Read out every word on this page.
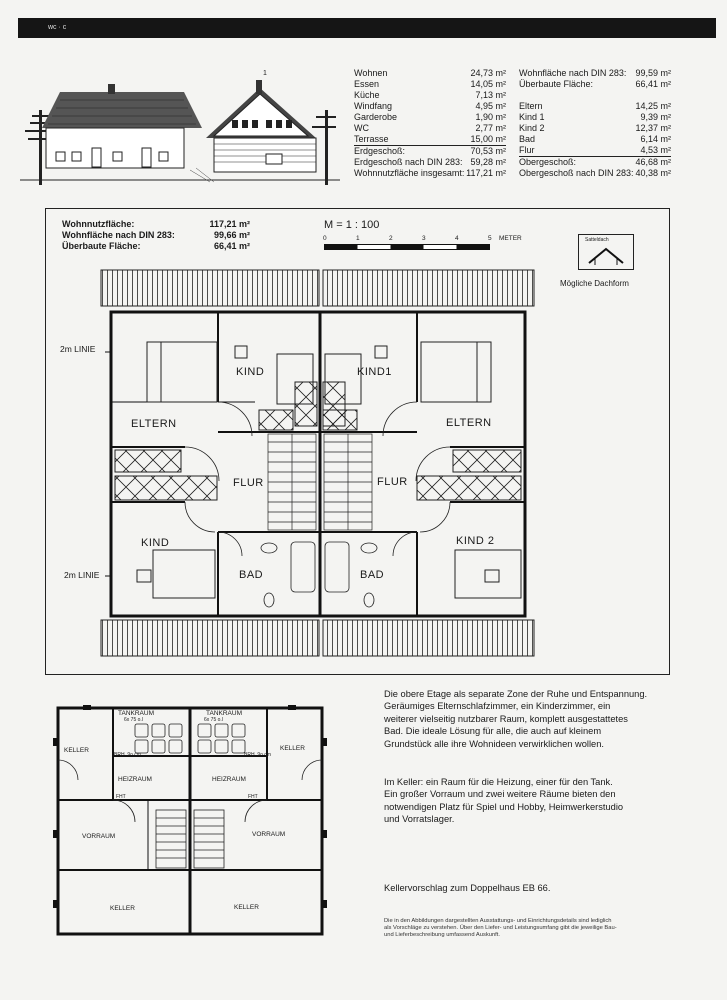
ᴡᴄ · ᴄ
1	Wohnen	24,73 m²
Essen	14,05 m²
Küche	7,13 m²
Windfang	4,95 m²
Garderobe	1,90 m²
WC	2,77 m²
Terrasse	15,00 m²
Erdgeschoß:	70,53 m²
Erdgeschoß nach DIN 283:	59,28 m²
Wohnnutzfläche insgesamt:	117,21 m²
Wohnfläche nach DIN 283:	99,59 m²
Überbaute Fläche:	66,41 m²

Eltern	14,25 m²
Kind 1	9,39 m²
Kind 2	12,37 m²
Bad	6,14 m²
Flur	4,53 m²
Obergeschoß:	46,68 m²
Obergeschoß nach DIN 283:	40,38 m²
Wohnnutzfläche:	117,21 m²
Wohnfläche nach DIN 283:	99,66 m²
Überbaute Fläche:	66,41 m²
M = 1 : 100
0	1	2	3	4	5 METER	Satteldach
Mögliche Dachform
2m LINIE
2m LINIE
KIND	KIND1
ELTERN	ELTERN
FLUR	FLUR
KIND	KIND 2
BAD	BAD
TANKRAUM	TANKRAUM
6x 75 o.l	6x 75 o.l
KELLER	KELLER
BRH. 9o cm	BRH. 9o cm
HEIZRAUM	HEIZRAUM
FHT	FHT
VORRAUM	VORRAUM
KELLER	KELLER
Die obere Etage als separate Zone der Ruhe und Entspannung.
Geräumiges Elternschlafzimmer, ein Kinderzimmer, ein
weiterer vielseitig nutzbarer Raum, komplett ausgestattetes
Bad. Die ideale Lösung für alle, die auch auf kleinem
Grundstück alle ihre Wohnideen verwirklichen wollen.
Im Keller: ein Raum für die Heizung, einer für den Tank.
Ein großer Vorraum und zwei weitere Räume bieten den
notwendigen Platz für Spiel und Hobby, Heimwerkerstudio
und Vorratslager.
Kellervorschlag zum Doppelhaus EB 66.
Die in den Abbildungen dargestellten Ausstattungs- und Einrichtungsdetails sind lediglich
als Vorschläge zu verstehen. Über den Liefer- und Leistungsumfang gibt die jeweilige Bau-
und Lieferbeschreibung umfassend Auskunft.
